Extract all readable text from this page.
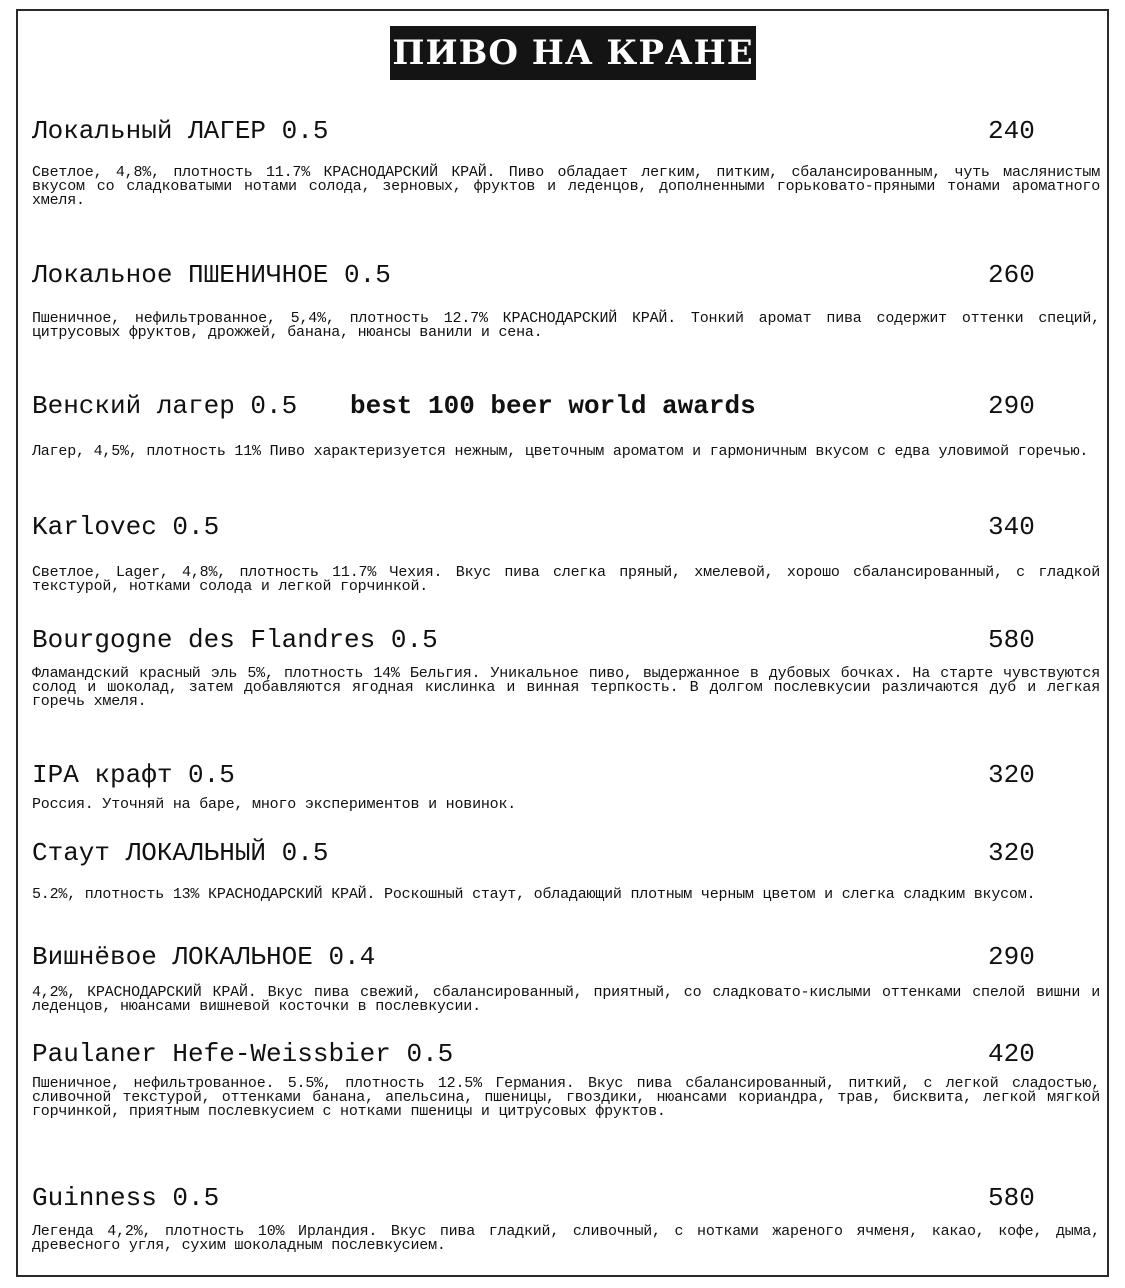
ПИВО НА КРАНЕ
Локальный ЛАГЕР 0.5	240

Светлое, 4,8%, плотность 11.7% КРАСНОДАРСКИЙ КРАЙ. Пиво обладает легким, питким, сбалансированным, чуть маслянистым вкусом со сладковатыми нотами солода, зерновых, фруктов и леденцов, дополненными горьковато-пряными тонами ароматного хмеля.

Локальное ПШЕНИЧНОЕ 0.5	260

Пшеничное, нефильтрованное, 5,4%, плотность 12.7% КРАСНОДАРСКИЙ КРАЙ. Тонкий аромат пива содержит оттенки специй, цитрусовых фруктов, дрожжей, банана, нюансы ванили и сена.

Венский лагер 0.5 best 100 beer world awards	290

Лагер, 4,5%, плотность 11% Пиво характеризуется нежным, цветочным ароматом и гармоничным вкусом с едва уловимой горечью.

Karlovec 0.5	340

Светлое, Lager, 4,8%, плотность 11.7% Чехия. Вкус пива слегка пряный, хмелевой, хорошо сбалансированный, с гладкой текстурой, нотками солода и легкой горчинкой.

Bourgogne des Flandres 0.5	580

Фламандский красный эль 5%, плотность 14% Бельгия. Уникальное пиво, выдержанное в дубовых бочках. На старте чувствуются солод и шоколад, затем добавляются ягодная кислинка и винная терпкость. В долгом послевкусии различаются дуб и легкая горечь хмеля.

IPA крафт 0.5	320

Россия. Уточняй на баре, много экспериментов и новинок.

Стаут ЛОКАЛЬНЫЙ 0.5	320

5.2%, плотность 13% КРАСНОДАРСКИЙ КРАЙ. Роскошный стаут, обладающий плотным черным цветом и слегка сладким вкусом.

Вишнёвое ЛОКАЛЬНОЕ 0.4	290

4,2%, КРАСНОДАРСКИЙ КРАЙ. Вкус пива свежий, сбалансированный, приятный, со сладковато-кислыми оттенками спелой вишни и леденцов, нюансами вишневой косточки в послевкусии.

Paulaner Hefe-Weissbier 0.5	420

Пшеничное, нефильтрованное. 5.5%, плотность 12.5% Германия. Вкус пива сбалансированный, питкий, с легкой сладостью, сливочной текстурой, оттенками банана, апельсина, пшеницы, гвоздики, нюансами кориандра, трав, бисквита, легкой мягкой горчинкой, приятным послевкусием с нотками пшеницы и цитрусовых фруктов.

Guinness 0.5	580

Легенда 4,2%, плотность 10% Ирландия. Вкус пива гладкий, сливочный, с нотками жареного ячменя, какао, кофе, дыма, древесного угля, сухим шоколадным послевкусием.
